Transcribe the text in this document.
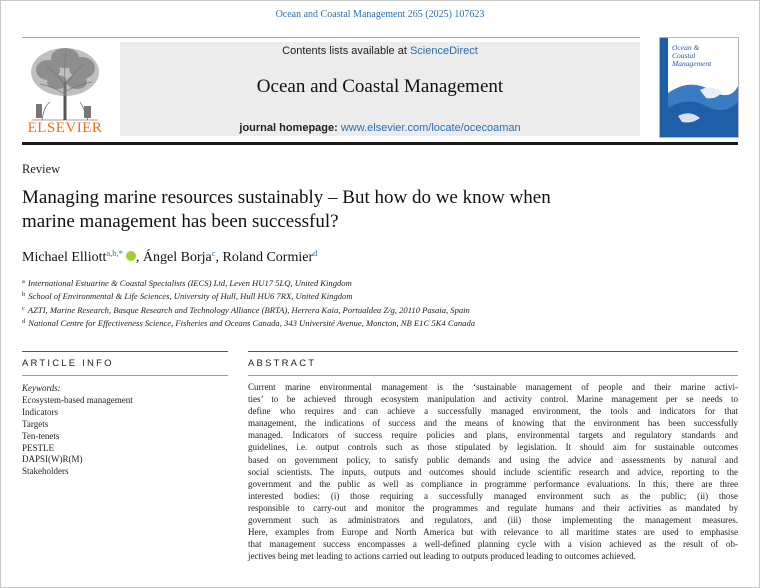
Ocean and Coastal Management 265 (2025) 107623
ELSEVIER
Contents lists available at ScienceDirect
Ocean and Coastal Management
journal homepage: www.elsevier.com/locate/ocecoaman
Ocean &
Coastal
Management
Review
Managing marine resources sustainably – But how do we know when
marine management has been successful?
Michael Elliott$^{a,b,*}$ , Ángel Borja$^c$, Roland Cormier$^d$
$^a$ International Estuarine & Coastal Specialists (IECS) Ltd, Leven HU17 5LQ, United Kingdom
$^b$ School of Environmental & Life Sciences, University of Hull, Hull HU6 7RX, United Kingdom
$^c$ AZTI, Marine Research, Basque Research and Technology Alliance (BRTA), Herrera Kaia, Portualdea Z/g, 20110 Pasaia, Spain
$^d$ National Centre for Effectiveness Science, Fisheries and Oceans Canada, 343 Université Avenue, Moncton, NB E1C 5K4 Canada
ARTICLE INFO	ABSTRACT
Keywords:
Ecosystem-based management
Indicators
Targets
Ten-tenets
PESTLE
DAPSI(W)R(M)
Stakeholders
Current marine environmental management is the ‘sustainable management of people and their marine activi-
ties’ to be achieved through ecosystem manipulation and activity control. Marine management per se needs to
define who requires and can achieve a successfully managed environment, the tools and indicators for that
management, the indications of success and the means of knowing that the environment has been successfully
managed. Indicators of success require policies and plans, environmental targets and regulatory standards and
guidelines, i.e. output controls such as those stipulated by legislation. It should aim for sustainable outcomes
based on government policy, to satisfy public demands and using the advice and assessments by natural and
social scientists. The inputs, outputs and outcomes should include scientific research and advice, reporting to the
government and the public as well as compliance in programme performance evaluations. In this, there are three
interested bodies: (i) those requiring a successfully managed environment such as the public; (ii) those
responsible to carry-out and monitor the programmes and regulate humans and their activities as mandated by
government such as administrators and regulators, and (iii) those implementing the management measures.
Here, examples from Europe and North America but with relevance to all maritime states are used to emphasise
that management success encompasses a well-defined planning cycle with a vision achieved as the result of ob-
jectives being met leading to actions carried out leading to outputs produced leading to outcomes achieved.
